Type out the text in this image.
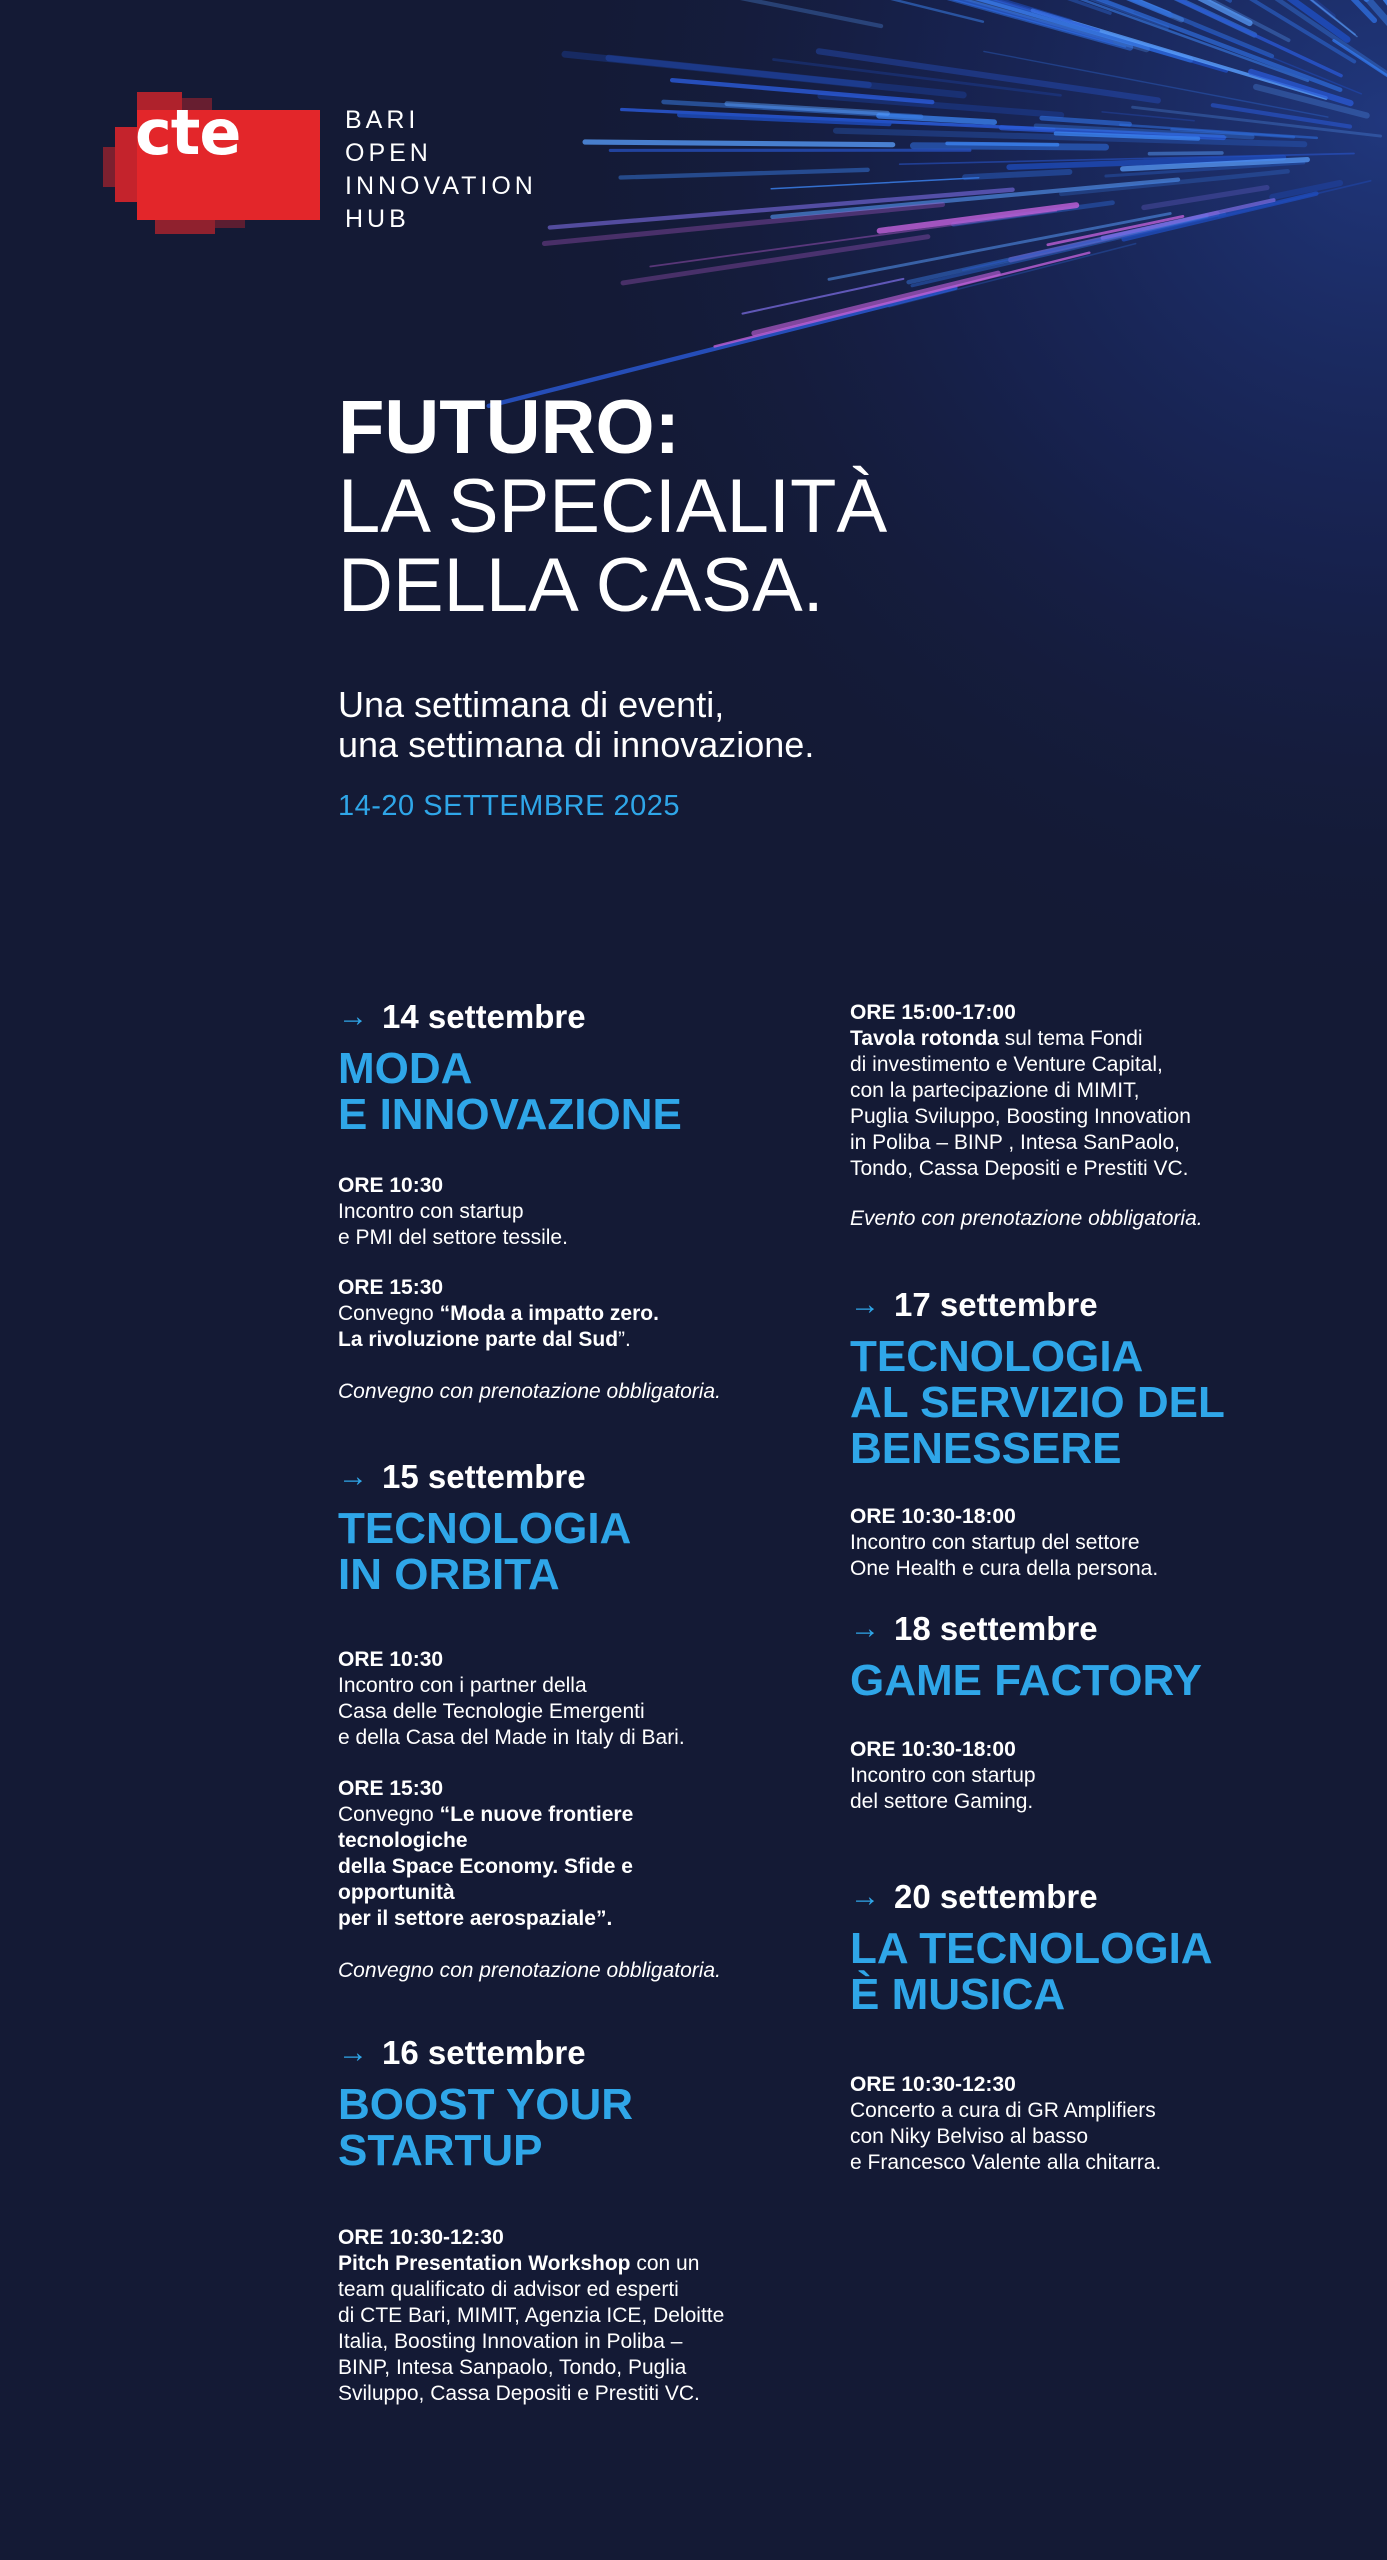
cte	BARI
OPEN
INNOVATION
HUB
FUTURO:
LA SPECIALITÀ
DELLA CASA.
Una settimana di eventi,
una settimana di innovazione.
14-20 SETTEMBRE 2025
→ 14 settembre
MODA
E INNOVAZIONE
ORE 10:30
Incontro con startup
e PMI del settore tessile.
ORE 15:30
Convegno “Moda a impatto zero.
La rivoluzione parte dal Sud”.
Convegno con prenotazione obbligatoria.
→ 15 settembre
TECNOLOGIA
IN ORBITA
ORE 10:30
Incontro con i partner della
Casa delle Tecnologie Emergenti
e della Casa del Made in Italy di Bari.
ORE 15:30
Convegno “Le nuove frontiere
tecnologiche
della Space Economy. Sfide e
opportunità
per il settore aerospaziale”.
Convegno con prenotazione obbligatoria.
→ 16 settembre
BOOST YOUR
STARTUP
ORE 10:30-12:30
Pitch Presentation Workshop con un
team qualificato di advisor ed esperti
di CTE Bari, MIMIT, Agenzia ICE, Deloitte
Italia, Boosting Innovation in Poliba –
BINP, Intesa Sanpaolo, Tondo, Puglia
Sviluppo, Cassa Depositi e Prestiti VC.
ORE 15:00-17:00
Tavola rotonda sul tema Fondi
di investimento e Venture Capital,
con la partecipazione di MIMIT,
Puglia Sviluppo, Boosting Innovation
in Poliba – BINP , Intesa SanPaolo,
Tondo, Cassa Depositi e Prestiti VC.
Evento con prenotazione obbligatoria.
→ 17 settembre
TECNOLOGIA
AL SERVIZIO DEL
BENESSERE
ORE 10:30-18:00
Incontro con startup del settore
One Health e cura della persona.
→ 18 settembre
GAME FACTORY
ORE 10:30-18:00
Incontro con startup
del settore Gaming.
→ 20 settembre
LA TECNOLOGIA
È MUSICA
ORE 10:30-12:30
Concerto a cura di GR Amplifiers
con Niky Belviso al basso
e Francesco Valente alla chitarra.
